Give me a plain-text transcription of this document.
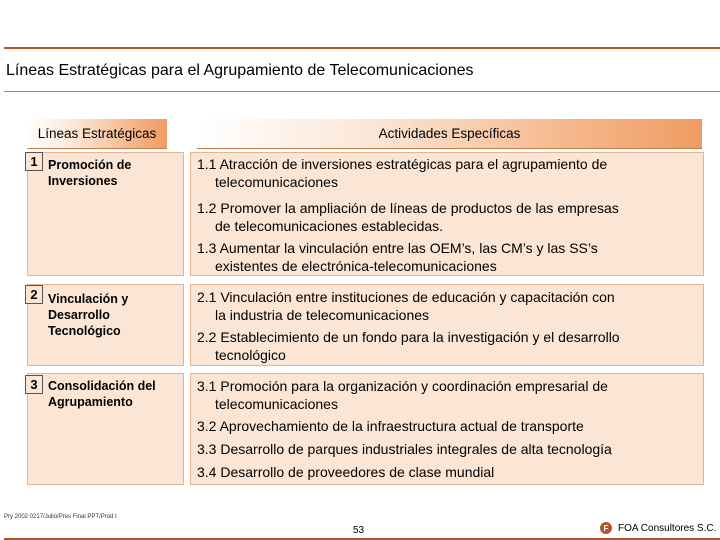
Líneas Estratégicas para el Agrupamiento de Telecomunicaciones
Líneas Estratégicas	Actividades Específicas
1 Promoción de
Inversiones
1.1 Atracción de inversiones estratégicas para el agrupamiento de
telecomunicaciones
1.2 Promover la ampliación de líneas de productos de las empresas
de telecomunicaciones establecidas.
1.3 Aumentar la vinculación entre las OEM’s, las CM’s y las SS’s
existentes de electrónica-telecomunicaciones
2 Vinculación y
Desarrollo
Tecnológico
2.1 Vinculación entre instituciones de educación y capacitación con
la industria de telecomunicaciones
2.2 Establecimiento de un fondo para la investigación y el desarrollo
tecnológico
3 Consolidación del
Agrupamiento
3.1 Promoción para la organización y coordinación empresarial de
telecomunicaciones
3.2 Aprovechamiento de la infraestructura actual de transporte
3.3 Desarrollo de parques industriales integrales de alta tecnología
3.4 Desarrollo de proveedores de clase mundial
Pry 2002 0217/Julio/Pres Final PPT/Prod I
53	F FOA Consultores S.C.
